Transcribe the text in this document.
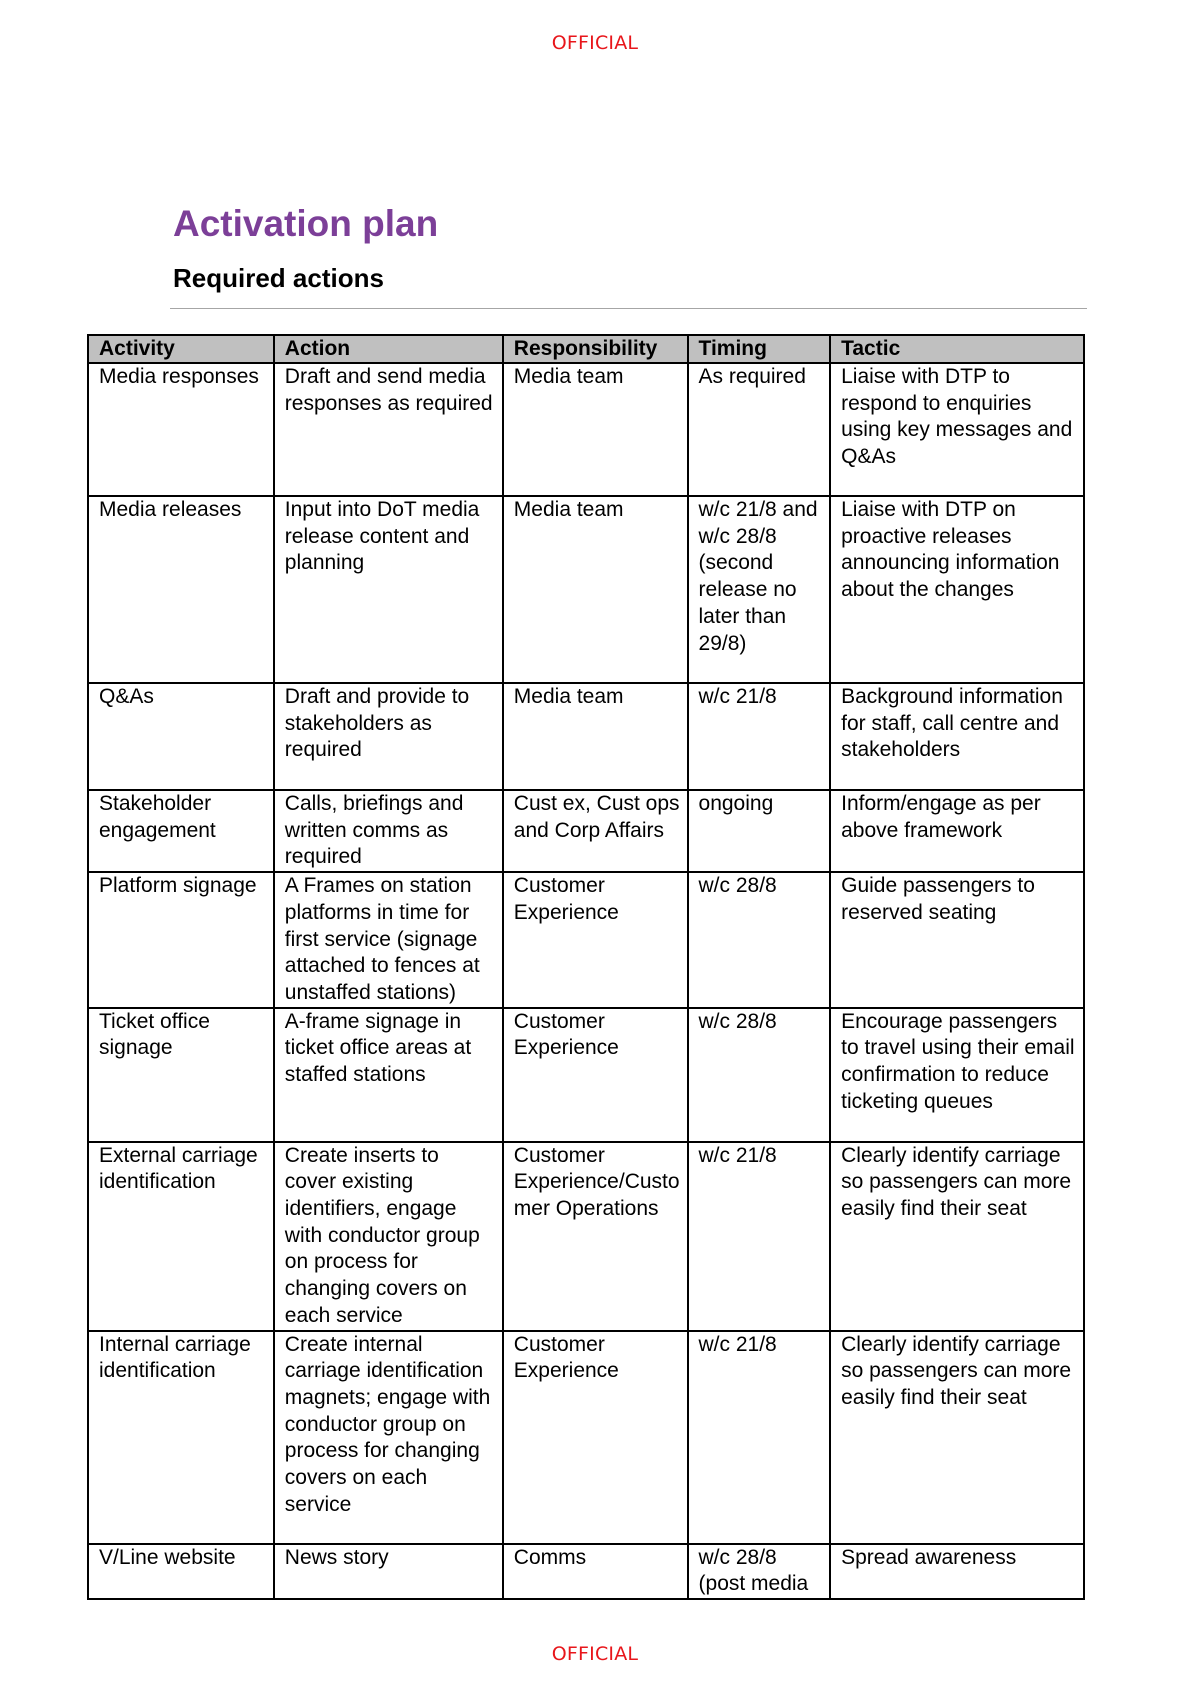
OFFICIAL
Activation plan
Required actions
Activity	Action	Responsibility	Timing	Tactic
Media responses	Draft and send media responses as required	Media team	As required	Liaise with DTP to respond to enquiries using key messages and Q&As
Media releases	Input into DoT media release content and planning	Media team	w/c 21/8 and w/c 28/8 (second release no later than 29/8)	Liaise with DTP on proactive releases announcing information about the changes
Q&As	Draft and provide to stakeholders as required	Media team	w/c 21/8	Background information for staff, call centre and stakeholders
Stakeholder engagement	Calls, briefings and written comms as required	Cust ex, Cust ops and Corp Affairs	ongoing	Inform/engage as per above framework
Platform signage	A Frames on station platforms in time for first service (signage attached to fences at unstaffed stations)	Customer Experience	w/c 28/8	Guide passengers to reserved seating
Ticket office signage	A-frame signage in ticket office areas at staffed stations	Customer Experience	w/c 28/8	Encourage passengers to travel using their email confirmation to reduce ticketing queues
External carriage identification	Create inserts to cover existing identifiers, engage with conductor group on process for changing covers on each service	Customer Experience/Customer Operations	w/c 21/8	Clearly identify carriage so passengers can more easily find their seat
Internal carriage identification	Create internal carriage identification magnets; engage with conductor group on process for changing covers on each service	Customer Experience	w/c 21/8	Clearly identify carriage so passengers can more easily find their seat
V/Line website	News story	Comms	w/c 28/8 (post media	Spread awareness
OFFICIAL
